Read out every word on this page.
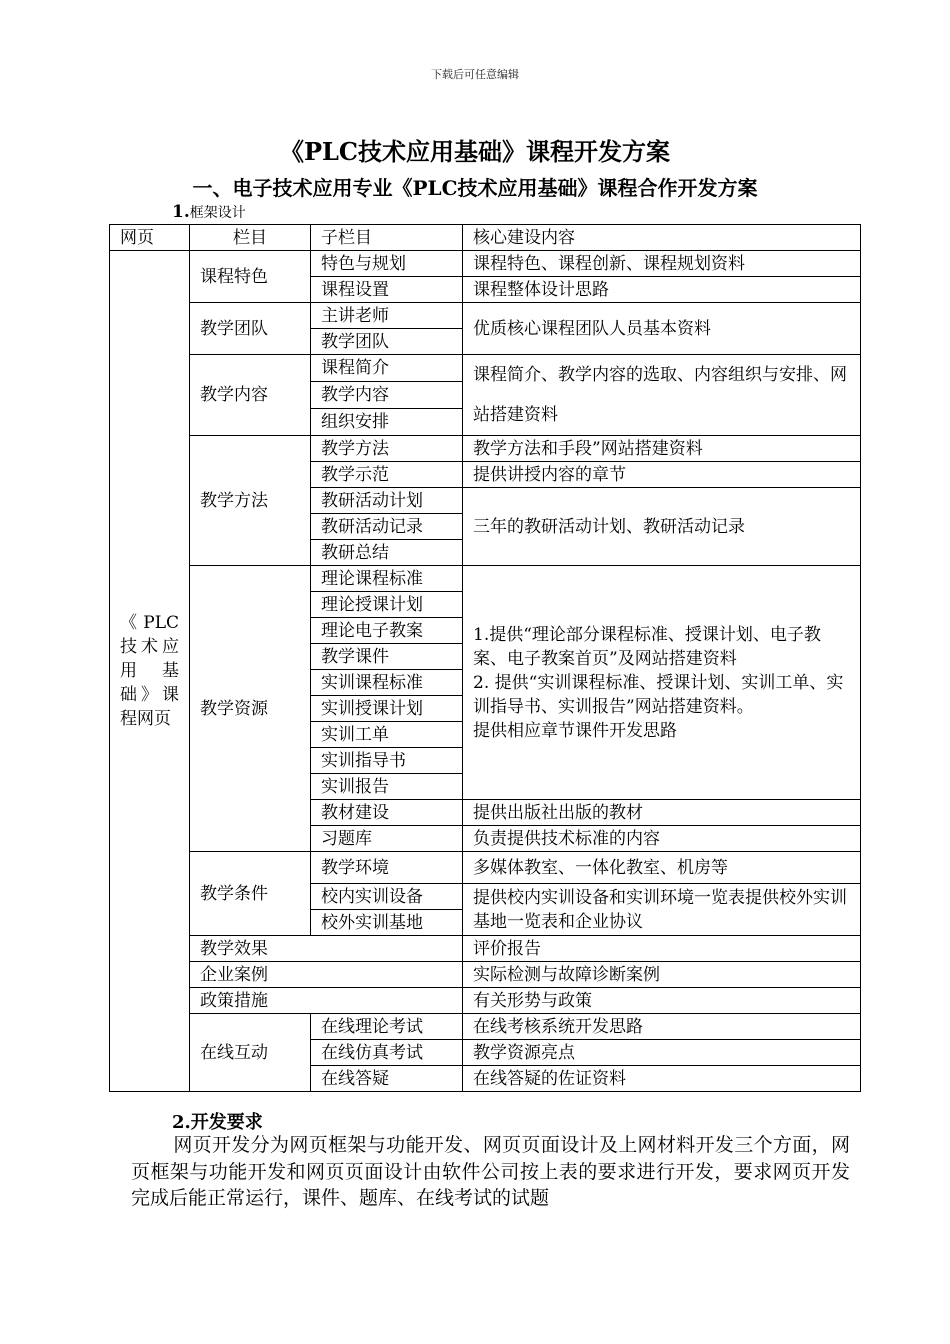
下载后可任意编辑
《PLC技术应用基础》课程开发方案
一、电子技术应用专业《PLC技术应用基础》课程合作开发方案
1.框架设计
网页	栏目	子栏目	核心建设内容
《 PLC 技术应用 基础》课程网页	课程特色	特色与规划	课程特色、课程创新、课程规划资料
		课程设置	课程整体设计思路
	教学团队	主讲老师	优质核心课程团队人员基本资料
		教学团队	
	教学内容	课程简介	课程简介、教学内容的选取、内容组织与安排、网站搭建资料
		教学内容	
		组织安排	
	教学方法	教学方法	教学方法和手段”网站搭建资料
		教学示范	提供讲授内容的章节
		教研活动计划	三年的教研活动计划、教研活动记录
		教研活动记录	
		教研总结	
	教学资源	理论课程标准	1.提供“理论部分课程标准、授课计划、电子教案、电子教案首页”及网站搭建资料
2. 提供“实训课程标准、授课计划、实训工单、实训指导书、实训报告”网站搭建资料。
提供相应章节课件开发思路

		理论授课计划	
		理论电子教案	
		教学课件	
		实训课程标准	
		实训授课计划	
		实训工单	
		实训指导书	
		实训报告	
		教材建设	提供出版社出版的教材
		习题库	负责提供技术标准的内容
	教学条件	教学环境	多媒体教室、一体化教室、机房等
		校内实训设备	提供校内实训设备和实训环境一览表提供校外实训基地一览表和企业协议
		校外实训基地	
	教学效果		评价报告
	企业案例		实际检测与故障诊断案例
	政策措施		有关形势与政策
	在线互动	在线理论考试	在线考核系统开发思路
		在线仿真考试	教学资源亮点
		在线答疑	在线答疑的佐证资料
2.开发要求
网页开发分为网页框架与功能开发、网页页面设计及上网材料开发三个方面，网页框架与功能开发和网页页面设计由软件公司按上表的要求进行开发，要求网页开发完成后能正常运行，课件、题库、在线考试的试题
